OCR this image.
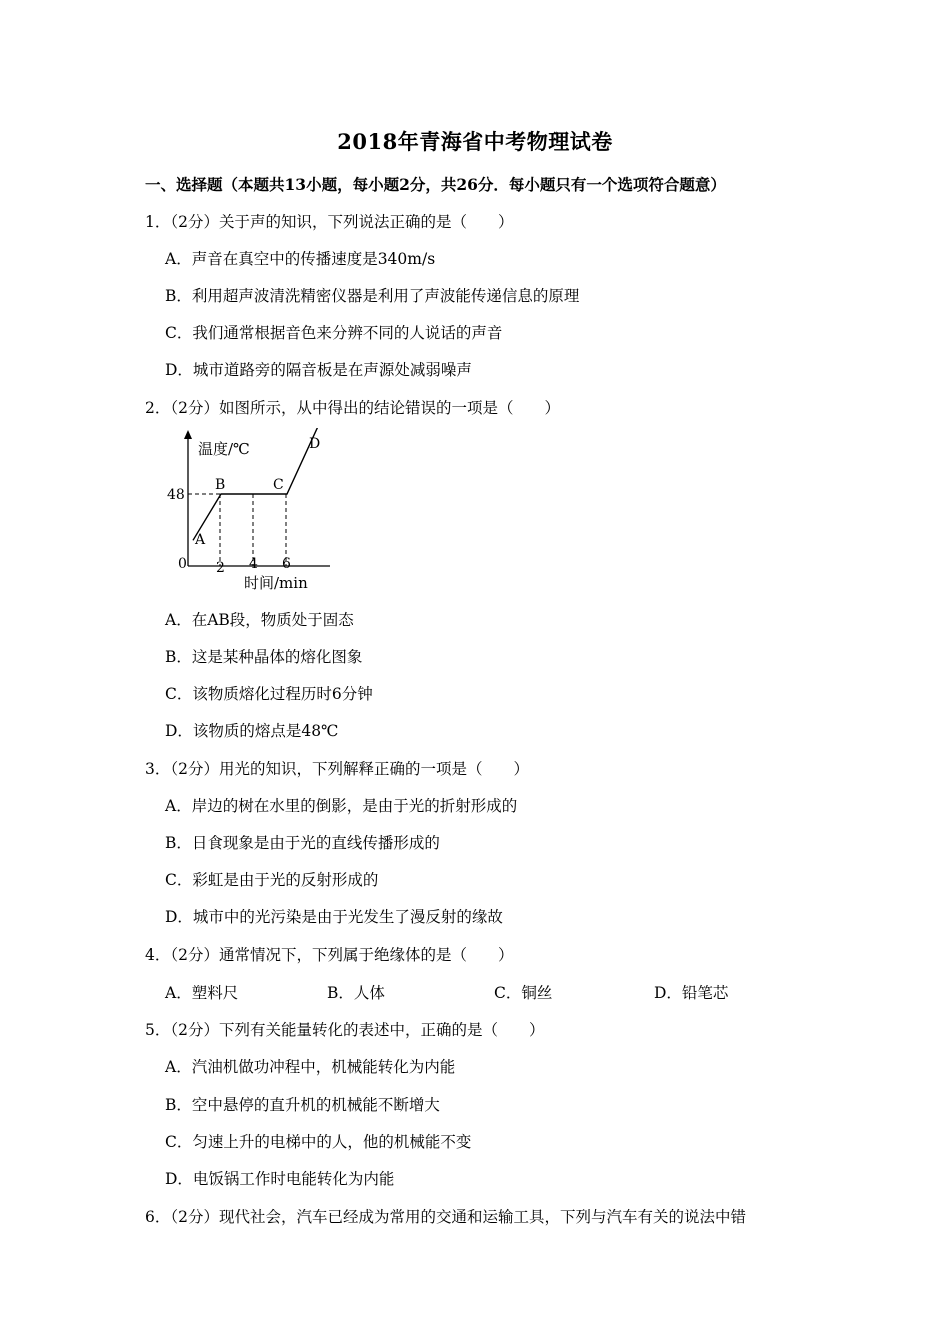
2018年青海省中考物理试卷
一、选择题（本题共13小题，每小题2分，共26分．每小题只有一个选项符合题意）
1．（2分）关于声的知识，下列说法正确的是（　　）
A．声音在真空中的传播速度是340m/s
B．利用超声波清洗精密仪器是利用了声波能传递信息的原理
C．我们通常根据音色来分辨不同的人说话的声音
D．城市道路旁的隔音板是在声源处减弱噪声
2．（2分）如图所示，从中得出的结论错误的一项是（　　）
温度/℃
时间/min
0
48
2 4 6
A
B	C
D
A．在AB段，物质处于固态
B．这是某种晶体的熔化图象
C．该物质熔化过程历时6分钟
D．该物质的熔点是48℃
3．（2分）用光的知识，下列解释正确的一项是（　　）
A．岸边的树在水里的倒影，是由于光的折射形成的
B．日食现象是由于光的直线传播形成的
C．彩虹是由于光的反射形成的
D．城市中的光污染是由于光发生了漫反射的缘故
4．（2分）通常情况下，下列属于绝缘体的是（　　）
A．塑料尺	B．人体	C．铜丝	D．铅笔芯
5．（2分）下列有关能量转化的表述中，正确的是（　　）
A．汽油机做功冲程中，机械能转化为内能
B．空中悬停的直升机的机械能不断增大
C．匀速上升的电梯中的人，他的机械能不变
D．电饭锅工作时电能转化为内能
6．（2分）现代社会，汽车已经成为常用的交通和运输工具，下列与汽车有关的说法中错
